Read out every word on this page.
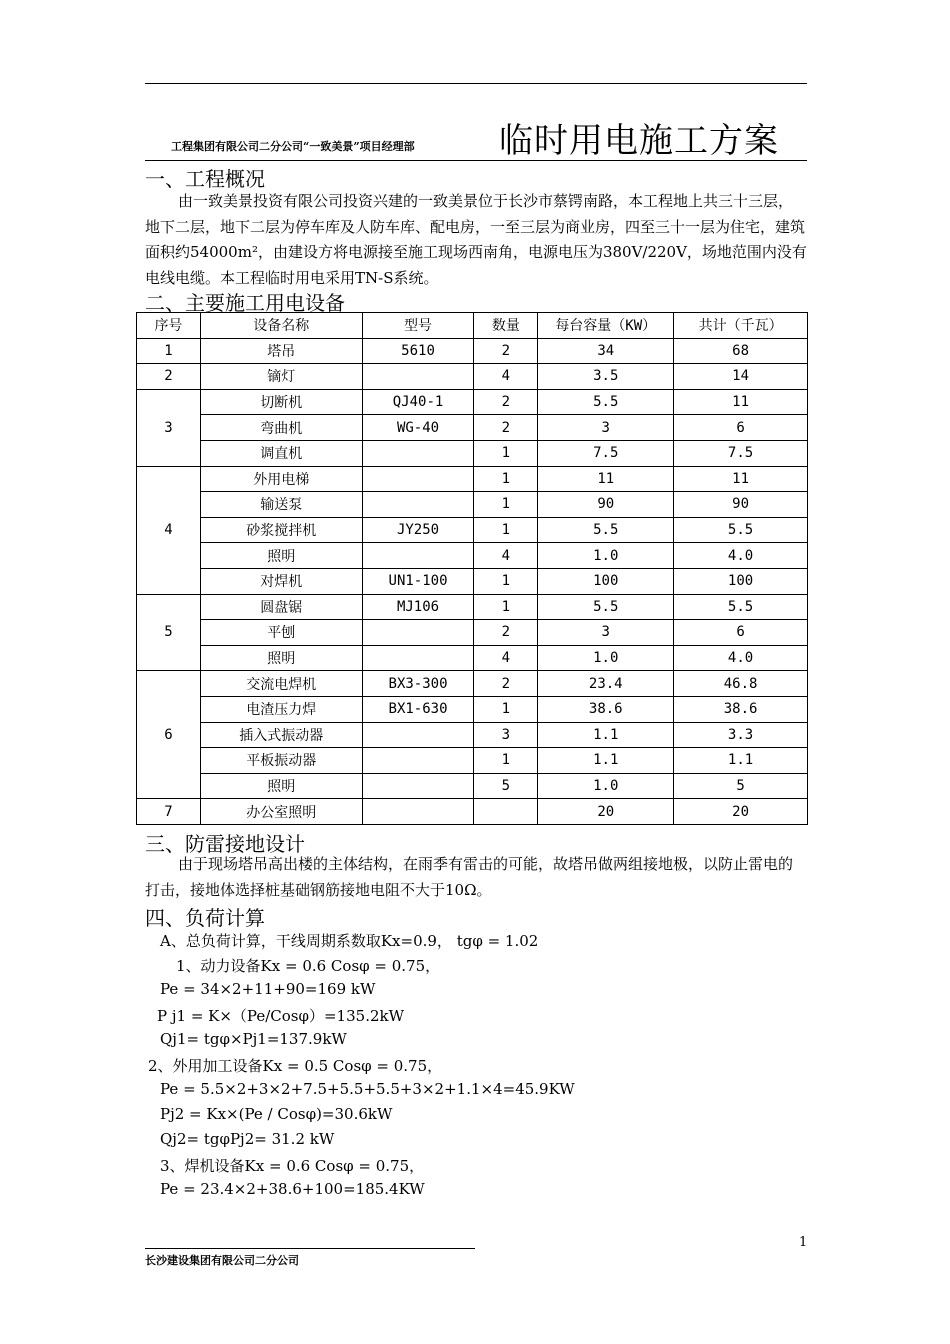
工程集团有限公司二分公司“一致美景”项目经理部 临时用电施工方案
一、工程概况
由一致美景投资有限公司投资兴建的一致美景位于长沙市蔡锷南路，本工程地上共三十三层，地下二层，地下二层为停车库及人防车库、配电房，一至三层为商业房，四至三十一层为住宅，建筑面积约54000m²，由建设方将电源接至施工现场西南角，电源电压为380V/220V，场地范围内没有电线电缆。本工程临时用电采用TN-S系统。
二、主要施工用电设备
序号	设备名称	型号	数量	每台容量（KW）	共计（千瓦）
1	塔吊	5610	2	34	68
2	镝灯		4	3.5	14
3	切断机	QJ40-1	2	5.5	11
	弯曲机	WG-40	2	3	6
	调直机		1	7.5	7.5
4	外用电梯		1	11	11
	输送泵		1	90	90
	砂浆搅拌机	JY250	1	5.5	5.5
	照明		4	1.0	4.0
	对焊机	UN1-100	1	100	100
5	圆盘锯	MJ106	1	5.5	5.5
	平刨		2	3	6
	照明		4	1.0	4.0
6	交流电焊机	BX3-300	2	23.4	46.8
	电渣压力焊	BX1-630	1	38.6	38.6
	插入式振动器		3	1.1	3.3
	平板振动器		1	1.1	1.1
	照明		5	1.0	5
7	办公室照明			20	20
三、防雷接地设计
由于现场塔吊高出楼的主体结构，在雨季有雷击的可能，故塔吊做两组接地极，以防止雷电的打击，接地体选择桩基础钢筋接地电阻不大于10Ω。
四、负荷计算
A、总负荷计算，干线周期系数取Kx=0.9， tgφ = 1.02
1、动力设备Kx = 0.6 Cosφ = 0.75，
Pe = 34×2+11+90=169 kW
P j1 = K×（Pe/Cosφ）=135.2kW
Qj1= tgφ×Pj1=137.9kW
2、外用加工设备Kx = 0.5 Cosφ = 0.75，
Pe = 5.5×2+3×2+7.5+5.5+5.5+3×2+1.1×4=45.9KW
Pj2 = Kx×(Pe / Cosφ)=30.6kW
Qj2= tgφPj2= 31.2 kW
3、焊机设备Kx = 0.6 Cosφ = 0.75，
Pe = 23.4×2+38.6+100=185.4KW
1
长沙建设集团有限公司二分公司
